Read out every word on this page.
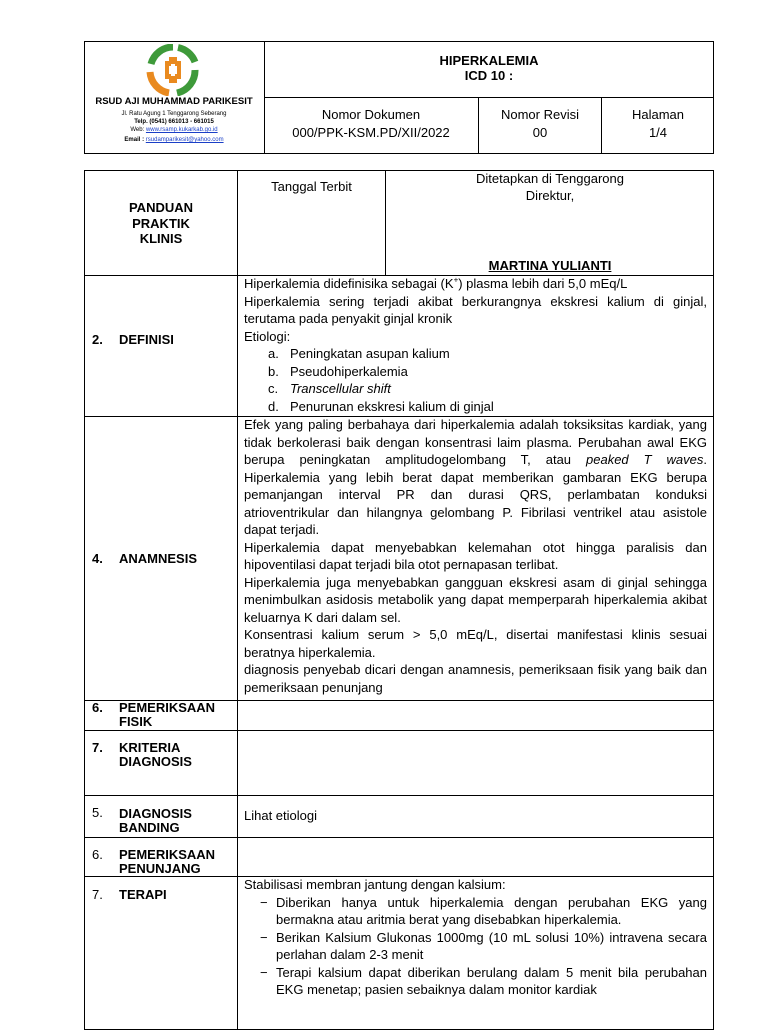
RSUD AJI MUHAMMAD PARIKESIT
Jl. Ratu Agung 1 Tenggarong Seberang
Telp. (0541) 661013 - 661015
Web: www.rsamp.kukarkab.go.id
Email : rsudamparikesit@yahoo.com
HIPERKALEMIA
ICD 10 :
Nomor Dokumen
000/PPK-KSM.PD/XII/2022
Nomor Revisi
00
Halaman
1/4
PANDUAN
PRAKTIK
KLINIS
Tanggal Terbit
Ditetapkan di Tenggarong
Direktur,
MARTINA YULIANTI
2. DEFINISI

Hiperkalemia didefinisika sebagai (K+) plasma lebih dari 5,0 mEq/L

Hiperkalemia sering terjadi akibat berkurangnya ekskresi kalium di ginjal, terutama pada penyakit ginjal kronik

Etiologi:

a. Peningkatan asupan kalium
b. Pseudohiperkalemia
c. Transcellular shift
d. Penurunan ekskresi kalium di ginjal
4. ANAMNESIS

Efek yang paling berbahaya dari hiperkalemia adalah toksiksitas kardiak, yang tidak berkolerasi baik dengan konsentrasi laim plasma. Perubahan awal EKG berupa peningkatan amplitudogelombang T, atau peaked T waves. Hiperkalemia yang lebih berat dapat memberikan gambaran EKG berupa pemanjangan interval PR dan durasi QRS, perlambatan konduksi atrioventrikular dan hilangnya gelombang P. Fibrilasi ventrikel atau asistole dapat terjadi.

Hiperkalemia dapat menyebabkan kelemahan otot hingga paralisis dan hipoventilasi dapat terjadi bila otot pernapasan terlibat.

Hiperkalemia juga menyebabkan gangguan ekskresi asam di ginjal sehingga menimbulkan asidosis metabolik yang dapat memperparah hiperkalemia akibat keluarnya K dari dalam sel.

Konsentrasi kalium serum > 5,0 mEq/L, disertai manifestasi klinis sesuai beratnya hiperkalemia.

diagnosis penyebab dicari dengan anamnesis, pemeriksaan fisik yang baik dan pemeriksaan penunjang

6. PEMERIKSAAN
FISIK
7. KRITERIA
DIAGNOSIS
5. DIAGNOSIS
BANDING
Lihat etiologi
6. PEMERIKSAAN
PENUNJANG
7. TERAPI

Stabilisasi membran jantung dengan kalsium:

− Diberikan hanya untuk hiperkalemia dengan perubahan EKG yang bermakna atau aritmia berat yang disebabkan hiperkalemia.
− Berikan Kalsium Glukonas 1000mg (10 mL solusi 10%) intravena secara perlahan dalam 2-3 menit
− Terapi kalsium dapat diberikan berulang dalam 5 menit bila perubahan EKG menetap; pasien sebaiknya dalam monitor kardiak
